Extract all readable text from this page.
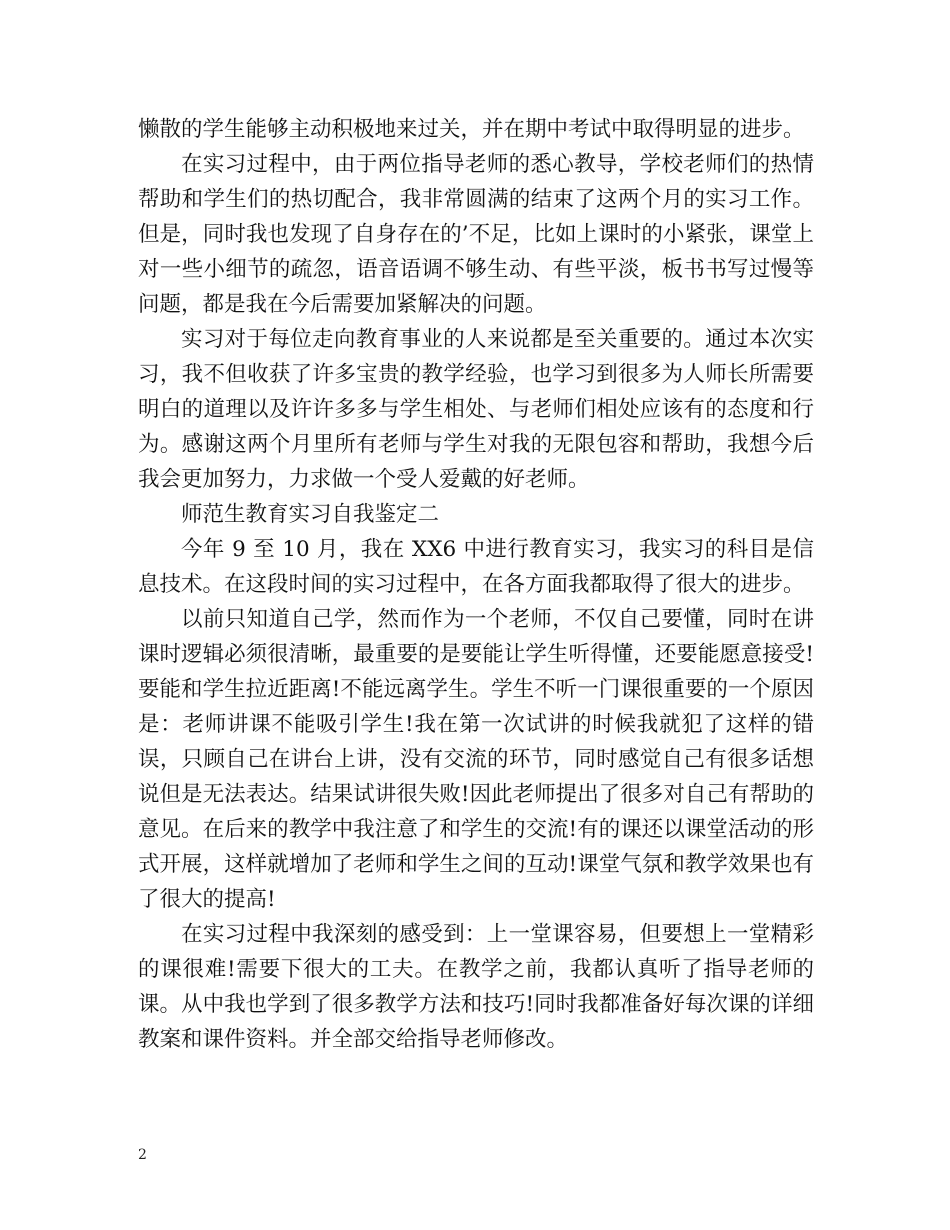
懒散的学生能够主动积极地来过关，并在期中考试中取得明显的进步。

在实习过程中，由于两位指导老师的悉心教导，学校老师们的热情帮助和学生们的热切配合，我非常圆满的结束了这两个月的实习工作。但是，同时我也发现了自身存在的’不足，比如上课时的小紧张，课堂上对一些小细节的疏忽，语音语调不够生动、有些平淡，板书书写过慢等问题，都是我在今后需要加紧解决的问题。

实习对于每位走向教育事业的人来说都是至关重要的。通过本次实习，我不但收获了许多宝贵的教学经验，也学习到很多为人师长所需要明白的道理以及许许多多与学生相处、与老师们相处应该有的态度和行为。感谢这两个月里所有老师与学生对我的无限包容和帮助，我想今后我会更加努力，力求做一个受人爱戴的好老师。

师范生教育实习自我鉴定二

今年 9 至 10 月，我在 XX6 中进行教育实习，我实习的科目是信息技术。在这段时间的实习过程中，在各方面我都取得了很大的进步。

以前只知道自己学，然而作为一个老师，不仅自己要懂，同时在讲课时逻辑必须很清晰，最重要的是要能让学生听得懂，还要能愿意接受!要能和学生拉近距离!不能远离学生。学生不听一门课很重要的一个原因是：老师讲课不能吸引学生!我在第一次试讲的时候我就犯了这样的错误，只顾自己在讲台上讲，没有交流的环节，同时感觉自己有很多话想说但是无法表达。结果试讲很失败!因此老师提出了很多对自己有帮助的意见。在后来的教学中我注意了和学生的交流!有的课还以课堂活动的形式开展，这样就增加了老师和学生之间的互动!课堂气氛和教学效果也有了很大的提高!

在实习过程中我深刻的感受到：上一堂课容易，但要想上一堂精彩的课很难!需要下很大的工夫。在教学之前，我都认真听了指导老师的课。从中我也学到了很多教学方法和技巧!同时我都准备好每次课的详细教案和课件资料。并全部交给指导老师修改。

2
